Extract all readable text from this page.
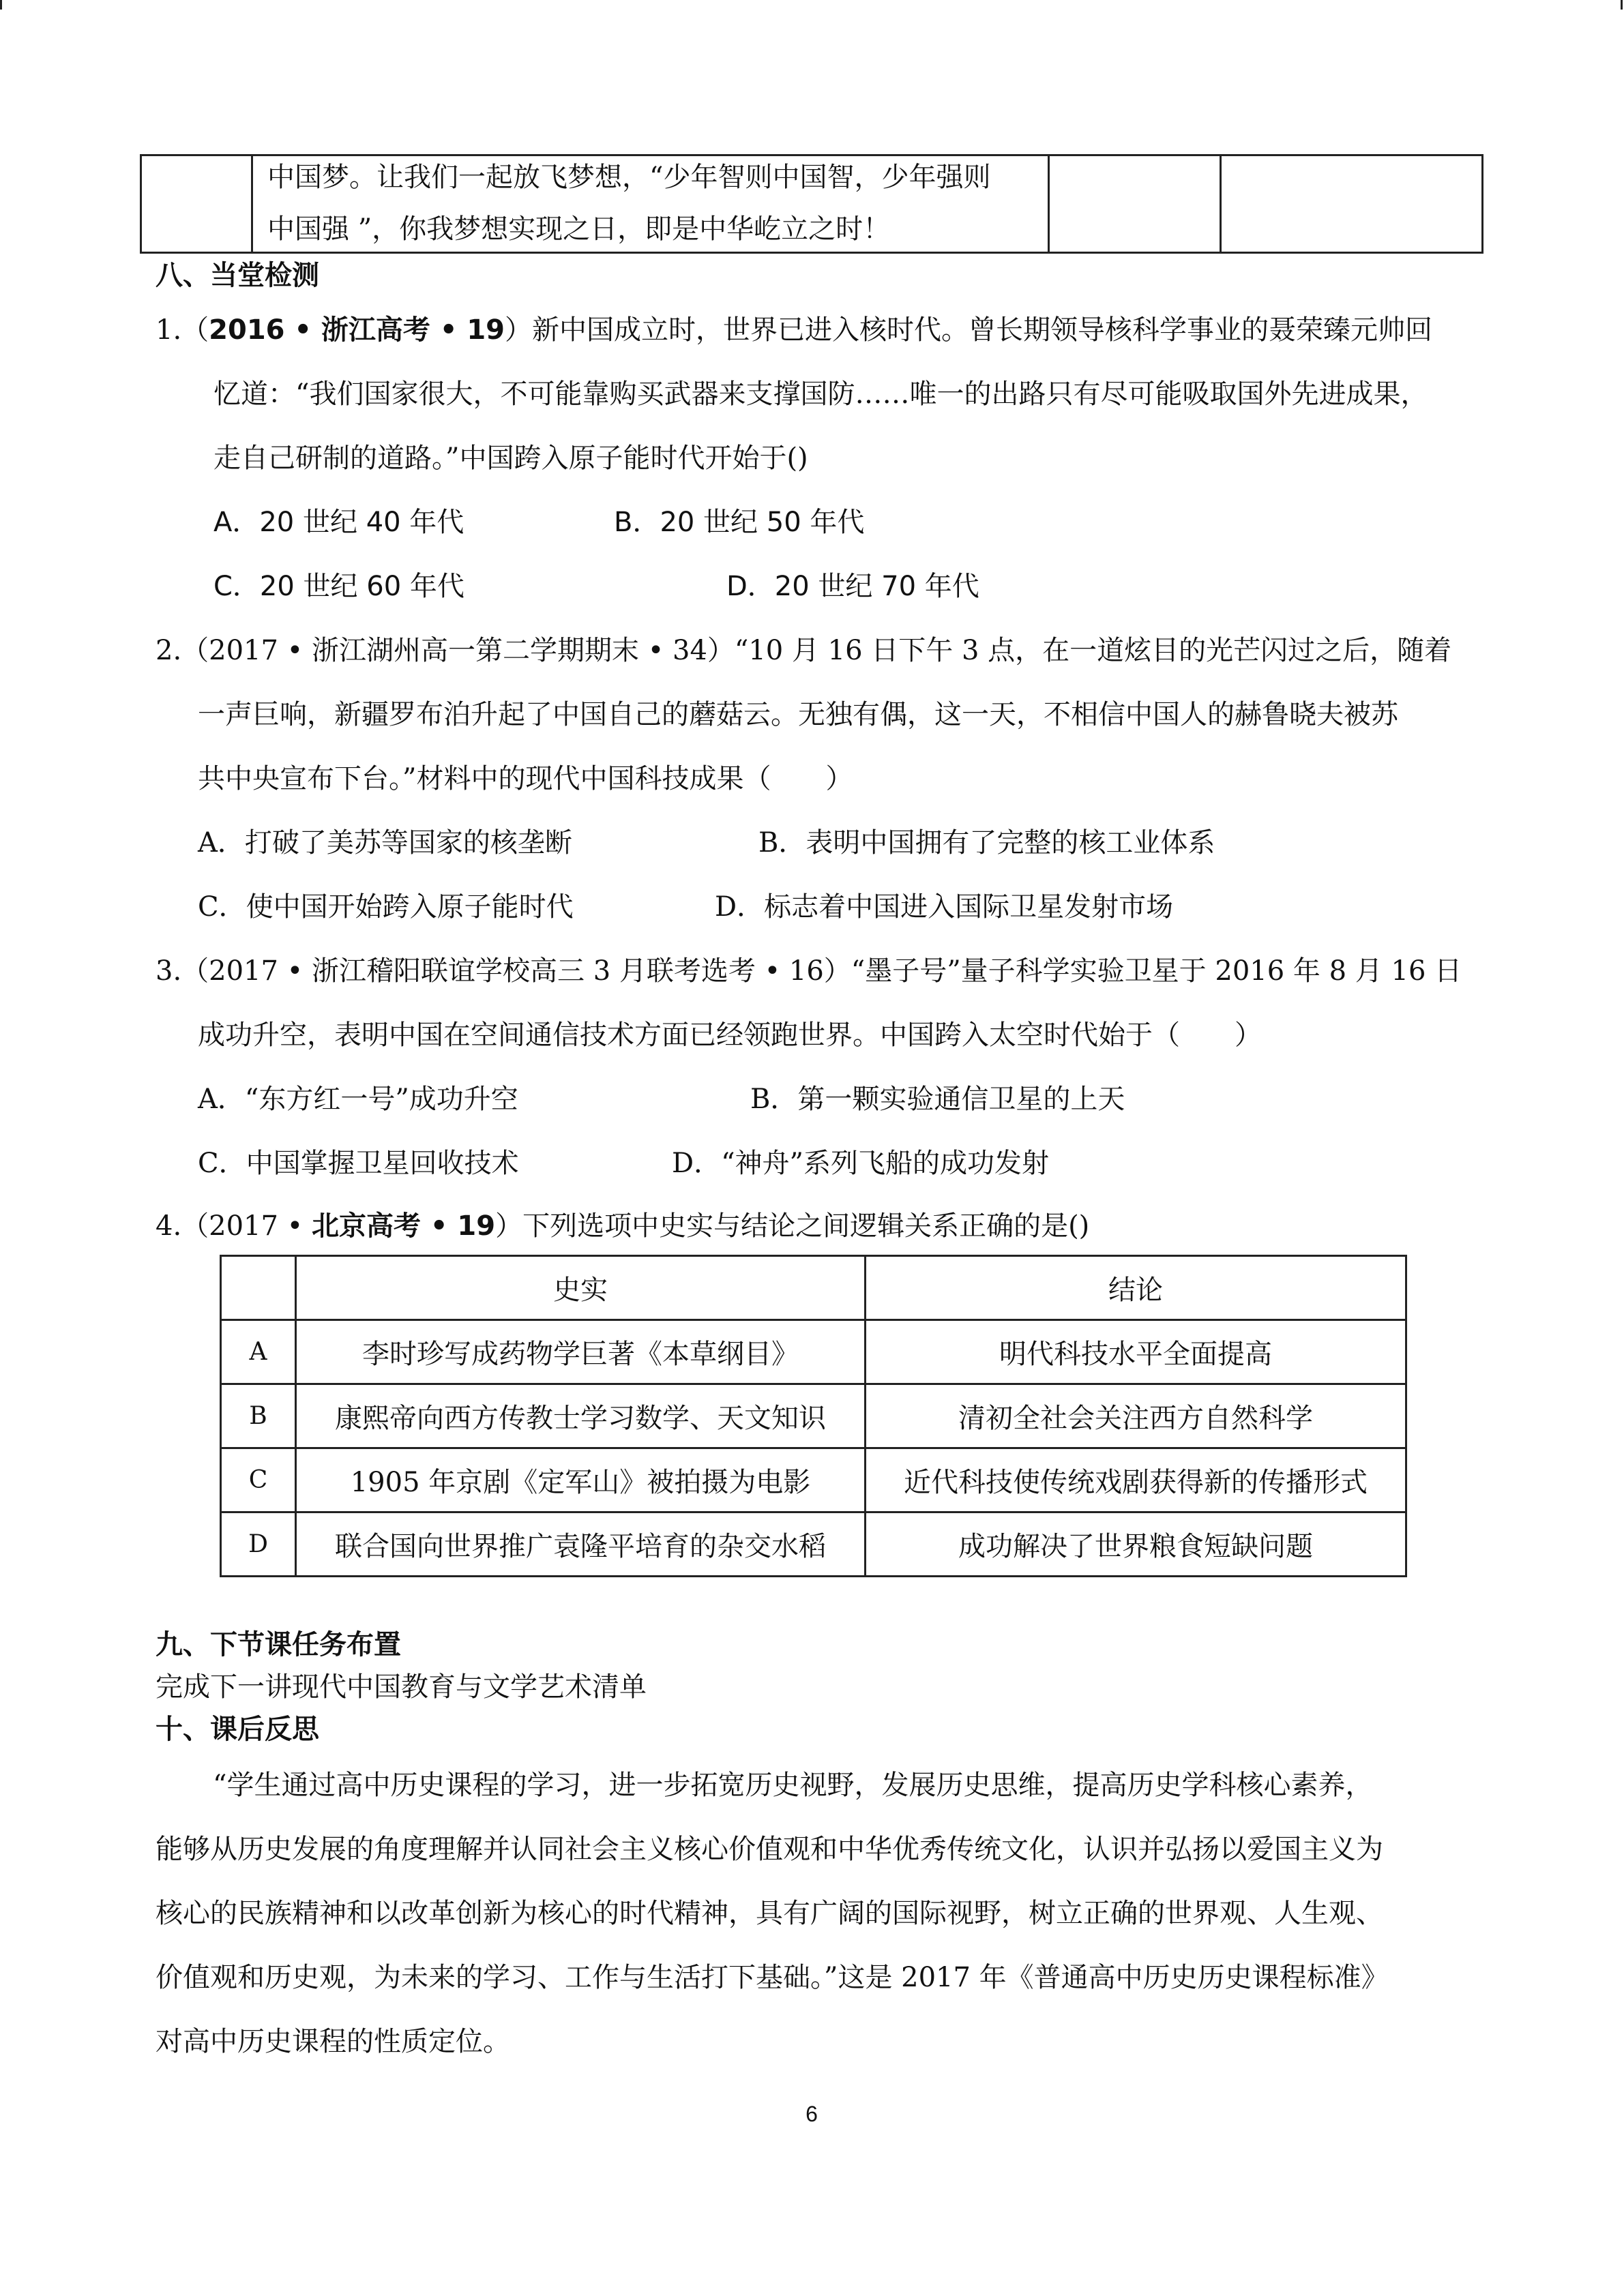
中国梦。让我们一起放飞梦想，“少年智则中国智，少年强则
中国强 ”，你我梦想实现之日，即是中华屹立之时！
八、当堂检测
1.（2016 • 浙江高考 • 19）新中国成立时，世界已进入核时代。曾长期领导核科学事业的聂荣臻元帅回
忆道：“我们国家很大，不可能靠购买武器来支撑国防……唯一的出路只有尽可能吸取国外先进成果，
走自己研制的道路。”中国跨入原子能时代开始于()
A．20 世纪 40 年代	B．20 世纪 50 年代
C．20 世纪 60 年代	D．20 世纪 70 年代
2.（2017 • 浙江湖州高一第二学期期末 • 34）“10 月 16 日下午 3 点，在一道炫目的光芒闪过之后，随着
一声巨响，新疆罗布泊升起了中国自己的蘑菇云。无独有偶，这一天，不相信中国人的赫鲁晓夫被苏
共中央宣布下台。”材料中的现代中国科技成果（　　）
A．打破了美苏等国家的核垄断	B．表明中国拥有了完整的核工业体系
C．使中国开始跨入原子能时代	D．标志着中国进入国际卫星发射市场
3.（2017 • 浙江稽阳联谊学校高三 3 月联考选考 • 16）“墨子号”量子科学实验卫星于 2016 年 8 月 16 日
成功升空，表明中国在空间通信技术方面已经领跑世界。中国跨入太空时代始于（　　）
A．“东方红一号”成功升空	B．第一颗实验通信卫星的上天
C．中国掌握卫星回收技术	D．“神舟”系列飞船的成功发射
4.（2017 • 北京高考 • 19）下列选项中史实与结论之间逻辑关系正确的是()
	史实	结论
A	李时珍写成药物学巨著《本草纲目》	明代科技水平全面提高
B	康熙帝向西方传教士学习数学、天文知识	清初全社会关注西方自然科学
C	1905 年京剧《定军山》被拍摄为电影	近代科技使传统戏剧获得新的传播形式
D	联合国向世界推广袁隆平培育的杂交水稻	成功解决了世界粮食短缺问题
九、下节课任务布置
完成下一讲现代中国教育与文学艺术清单
十、课后反思
“学生通过高中历史课程的学习，进一步拓宽历史视野，发展历史思维，提高历史学科核心素养，
能够从历史发展的角度理解并认同社会主义核心价值观和中华优秀传统文化，认识并弘扬以爱国主义为
核心的民族精神和以改革创新为核心的时代精神，具有广阔的国际视野，树立正确的世界观、人生观、
价值观和历史观，为未来的学习、工作与生活打下基础。”这是 2017 年《普通高中历史历史课程标准》
对高中历史课程的性质定位。
6
